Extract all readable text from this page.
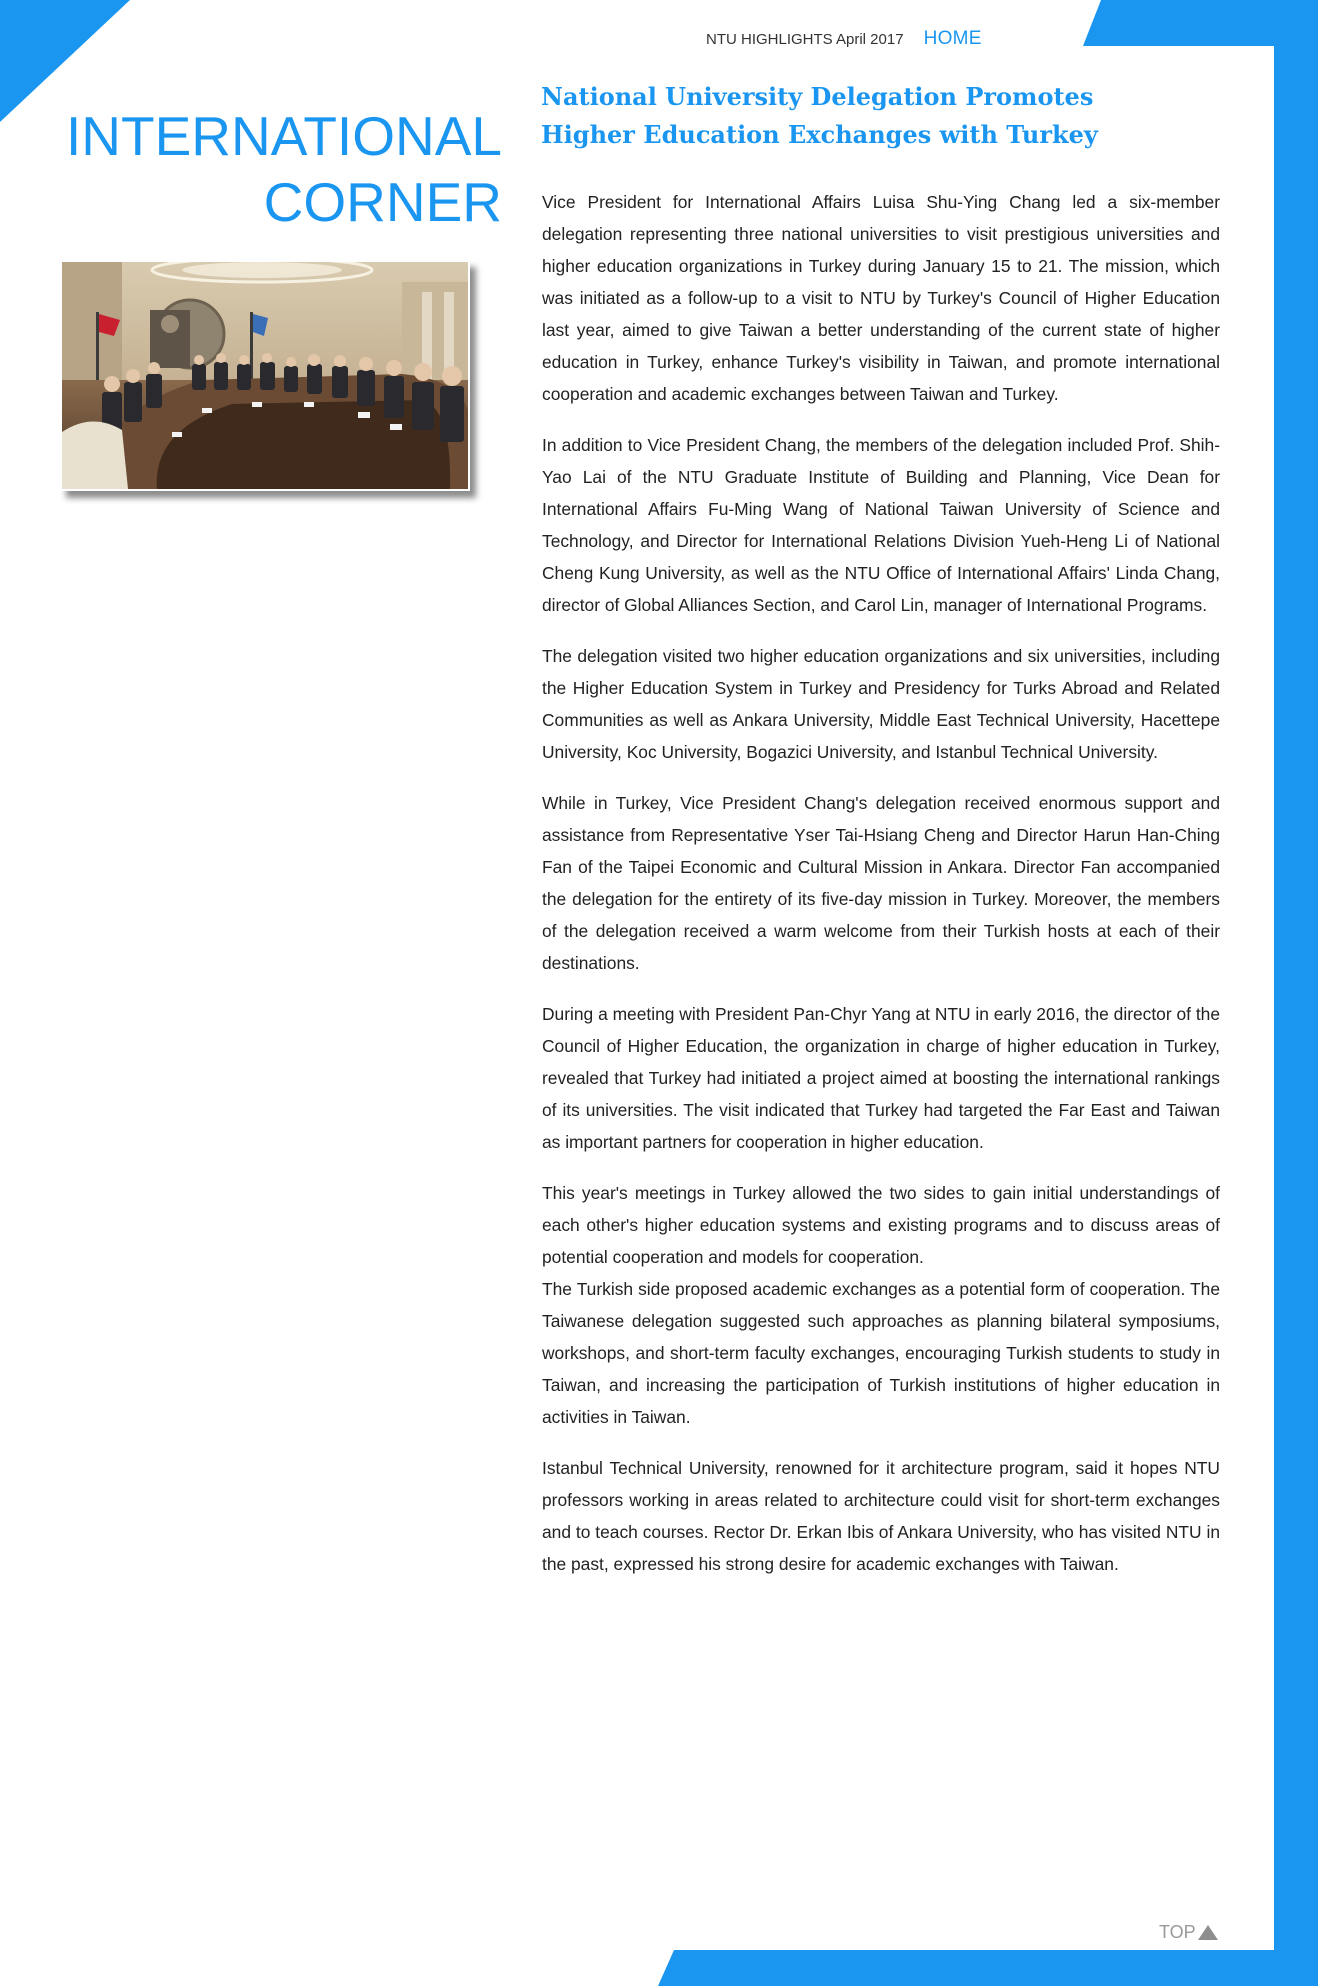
NTU HIGHLIGHTS April 2017 HOME
INTERNATIONAL
CORNER
National University Delegation Promotes
Higher Education Exchanges with Turkey

Vice President for International Affairs Luisa Shu-Ying Chang led a six-member delegation representing three national universities to visit prestigious universities and higher education organizations in Turkey during January 15 to 21. The mission, which was initiated as a follow-up to a visit to NTU by Turkey's Council of Higher Education last year, aimed to give Taiwan a better understanding of the current state of higher education in Turkey, enhance Turkey's visibility in Taiwan, and promote international cooperation and academic exchanges between Taiwan and Turkey.

In addition to Vice President Chang, the members of the delegation included Prof. Shih-Yao Lai of the NTU Graduate Institute of Building and Planning, Vice Dean for International Affairs Fu-Ming Wang of National Taiwan University of Science and Technology, and Director for International Relations Division Yueh-Heng Li of National Cheng Kung University, as well as the NTU Office of International Affairs' Linda Chang, director of Global Alliances Section, and Carol Lin, manager of International Programs.

The delegation visited two higher education organizations and six universities, including the Higher Education System in Turkey and Presidency for Turks Abroad and Related Communities as well as Ankara University, Middle East Technical University, Hacettepe University, Koc University, Bogazici University, and Istanbul Technical University.

While in Turkey, Vice President Chang's delegation received enormous support and assistance from Representative Yser Tai-Hsiang Cheng and Director Harun Han-Ching Fan of the Taipei Economic and Cultural Mission in Ankara. Director Fan accompanied the delegation for the entirety of its five-day mission in Turkey. Moreover, the members of the delegation received a warm welcome from their Turkish hosts at each of their destinations.

During a meeting with President Pan-Chyr Yang at NTU in early 2016, the director of the Council of Higher Education, the organization in charge of higher education in Turkey, revealed that Turkey had initiated a project aimed at boosting the international rankings of its universities. The visit indicated that Turkey had targeted the Far East and Taiwan as important partners for cooperation in higher education.

This year's meetings in Turkey allowed the two sides to gain initial understandings of each other's higher education systems and existing programs and to discuss areas of potential cooperation and models for cooperation.

The Turkish side proposed academic exchanges as a potential form of cooperation. The Taiwanese delegation suggested such approaches as planning bilateral symposiums, workshops, and short-term faculty exchanges, encouraging Turkish students to study in Taiwan, and increasing the participation of Turkish institutions of higher education in activities in Taiwan.

Istanbul Technical University, renowned for it architecture program, said it hopes NTU professors working in areas related to architecture could visit for short-term exchanges and to teach courses. Rector Dr. Erkan Ibis of Ankara University, who has visited NTU in the past, expressed his strong desire for academic exchanges with Taiwan.

TOP
